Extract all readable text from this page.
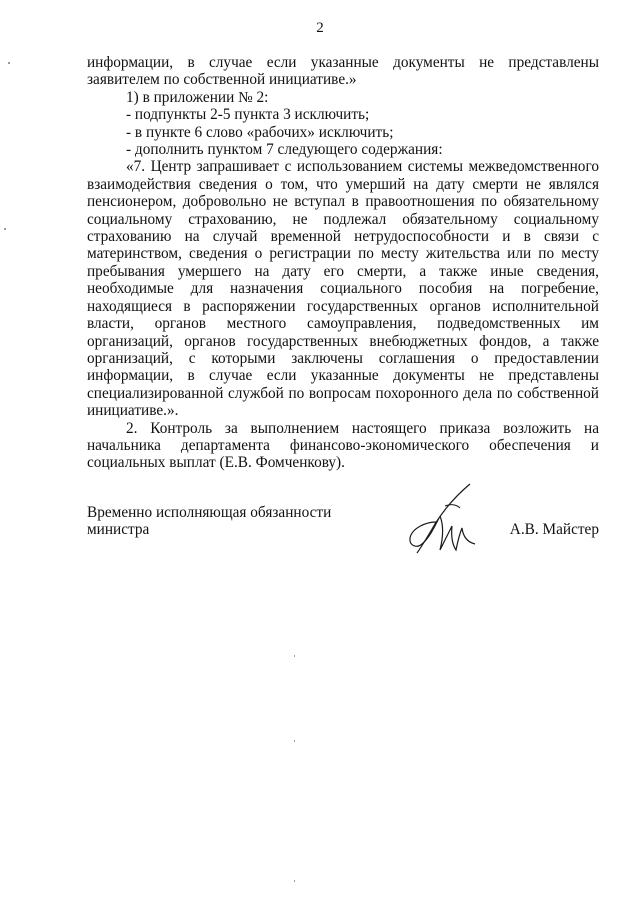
2

информации, в случае если указанные документы не представлены

заявителем по собственной инициативе.»

1) в приложении № 2:

- подпункты 2-5 пункта 3 исключить;

- в пункте 6 слово «рабочих» исключить;

- дополнить пунктом 7 следующего содержания:

«7. Центр запрашивает с использованием системы межведомственного взаимодействия сведения о том, что умерший на дату смерти не являлся пенсионером, добровольно не вступал в правоотношения по обязательному социальному страхованию, не подлежал обязательному социальному страхованию на случай временной нетрудоспособности и в связи с материнством, сведения о регистрации по месту жительства или по месту пребывания умершего на дату его смерти, а также иные сведения, необходимые для назначения социального пособия на погребение, находящиеся в распоряжении государственных органов исполнительной власти, органов местного самоуправления, подведомственных им организаций, органов государственных внебюджетных фондов, а также организаций, с которыми заключены соглашения о предоставлении информации, в случае если указанные документы не представлены специализированной службой по вопросам похоронного дела по собственной инициативе.».

2. Контроль за выполнением настоящего приказа возложить на начальника департамента финансово-экономического обеспечения и социальных выплат (Е.В. Фомченкову).

Временно исполняющая обязанности министра	А.В. Майстер
